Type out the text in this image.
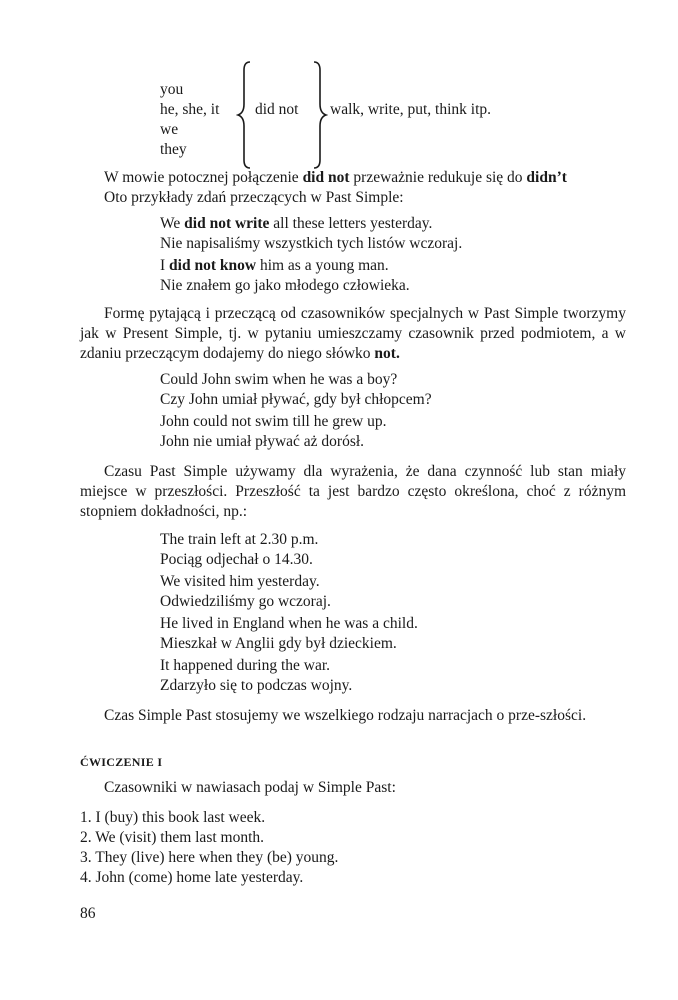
you
he, she, it
we
they
did not walk, write, put, think itp.
W mowie potocznej połączenie did not przeważnie redukuje się do didn’t
Oto przykłady zdań przeczących w Past Simple:
We did not write all these letters yesterday.
Nie napisaliśmy wszystkich tych listów wczoraj.
I did not know him as a young man.
Nie znałem go jako młodego człowieka.
Formę pytającą i przeczącą od czasowników specjalnych w Past Simple tworzymy jak w Present Simple, tj. w pytaniu umieszczamy czasownik przed podmiotem, a w zdaniu przeczącym dodajemy do niego słówko not.
Could John swim when he was a boy?
Czy John umiał pływać, gdy był chłopcem?
John could not swim till he grew up.
John nie umiał pływać aż dorósł.
Czasu Past Simple używamy dla wyrażenia, że dana czynność lub stan miały miejsce w przeszłości. Przeszłość ta jest bardzo często określona, choć z różnym stopniem dokładności, np.:
The train left at 2.30 p.m.
Pociąg odjechał o 14.30.
We visited him yesterday.
Odwiedziliśmy go wczoraj.
He lived in England when he was a child.
Mieszkał w Anglii gdy był dzieckiem.
It happened during the war.
Zdarzyło się to podczas wojny.
Czas Simple Past stosujemy we wszelkiego rodzaju narracjach o prze-szłości.
ĆWICZENIE I
Czasowniki w nawiasach podaj w Simple Past:
1. I (buy) this book last week.
2. We (visit) them last month.
3. They (live) here when they (be) young.
4. John (come) home late yesterday.
86
